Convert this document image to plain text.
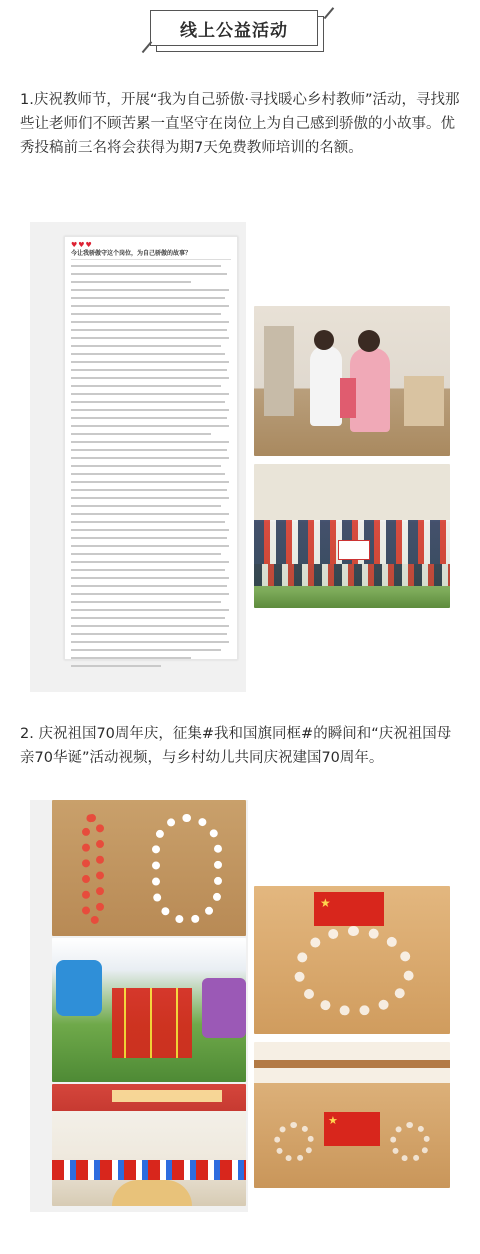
线上公益活动
1.庆祝教师节，开展“我为自己骄傲·寻找暖心乡村教师”活动，寻找那些让老师们不顾苦累一直坚守在岗位上为自己感到骄傲的小故事。优秀投稿前三名将会获得为期7天免费教师培训的名额。
♥♥♥
今让我骄傲守这个岗位，为自己骄傲的故事？
2. 庆祝祖国70周年庆，征集#我和国旗同框#的瞬间和“庆祝祖国母亲70华诞”活动视频，与乡村幼儿共同庆祝建国70周年。
★
★
